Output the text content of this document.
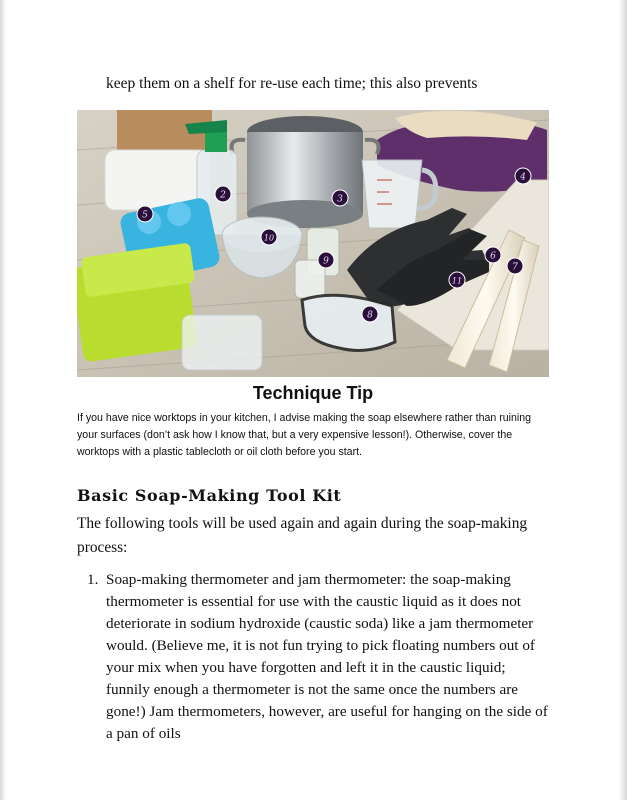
keep them on a shelf for re-use each time; this also prevents
2	3
4
5
6
7
8
9
10
11
Technique Tip

If you have nice worktops in your kitchen, I advise making the soap elsewhere rather than ruining your surfaces (don’t ask how I know that, but a very expensive lesson!). Otherwise, cover the worktops with a plastic tablecloth or oil cloth before you start.

Basic Soap-Making Tool Kit

The following tools will be used again and again during the soap-making process:

1. Soap-making thermometer and jam thermometer: the soap-making thermometer is essential for use with the caustic liquid as it does not deteriorate in sodium hydroxide (caustic soda) like a jam thermometer would. (Believe me, it is not fun trying to pick floating numbers out of your mix when you have forgotten and left it in the caustic liquid; funnily enough a thermometer is not the same once the numbers are gone!) Jam thermometers, however, are useful for hanging on the side of a pan of oils
